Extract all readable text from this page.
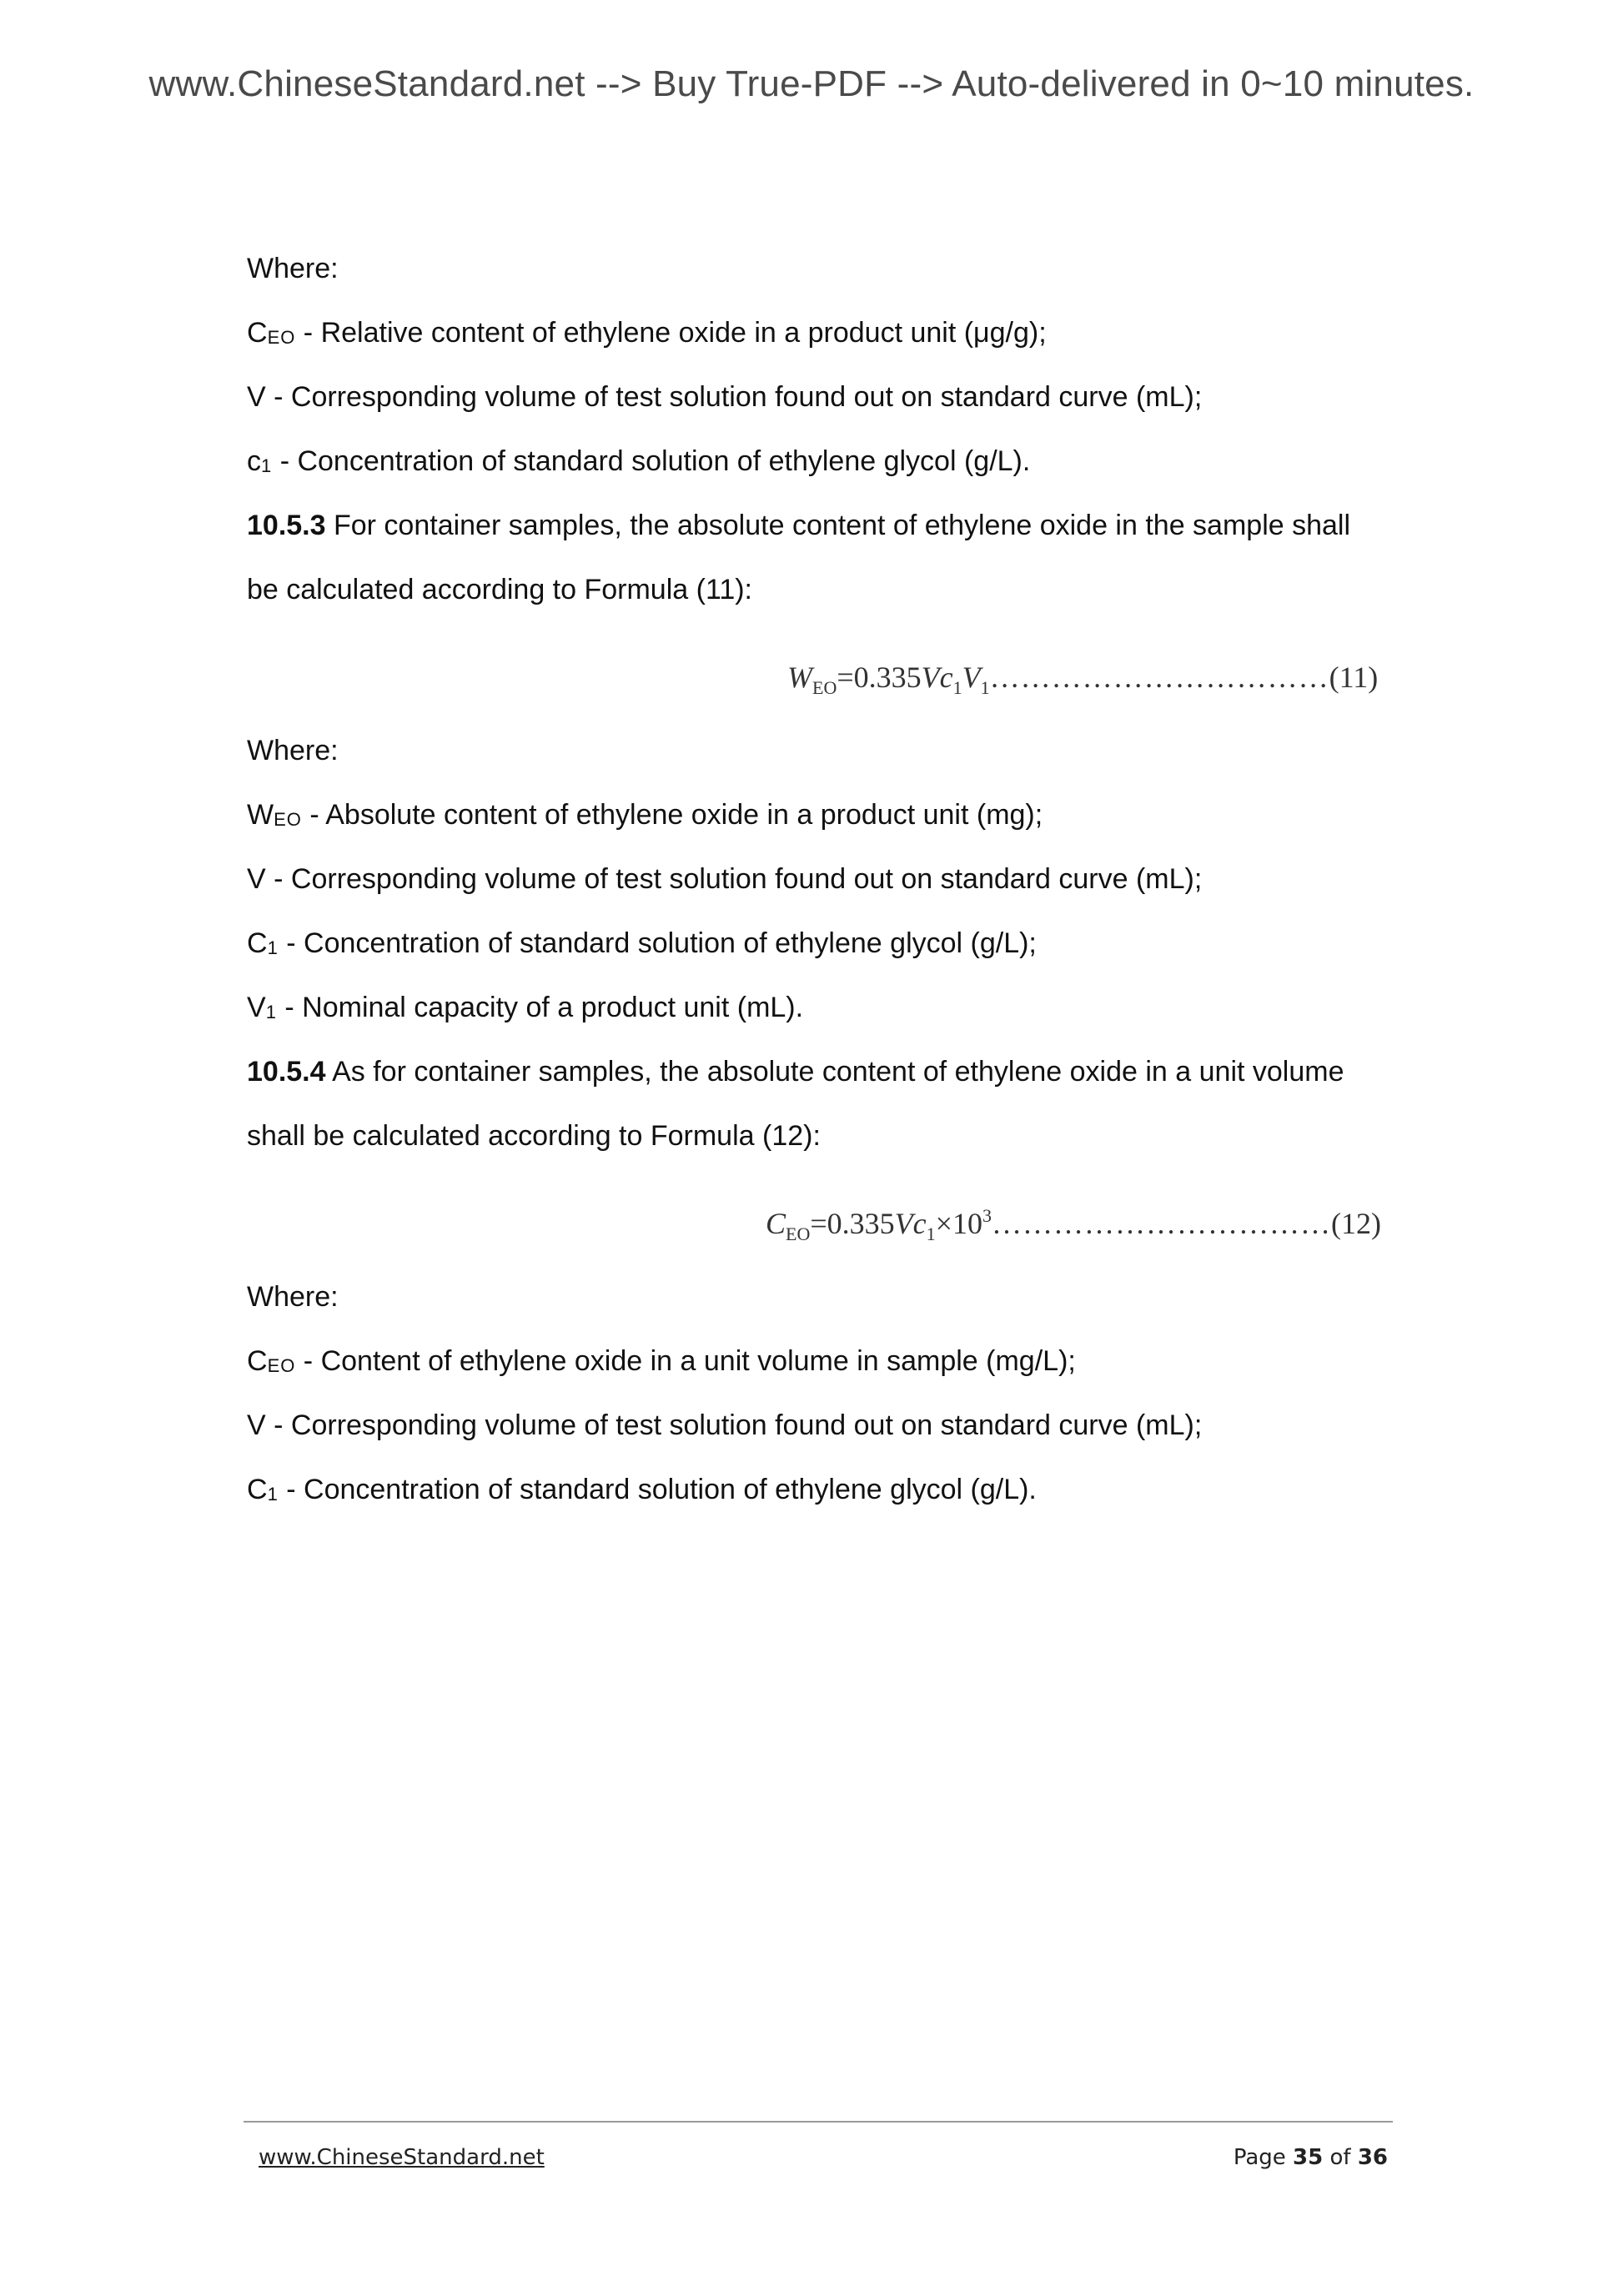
www.ChineseStandard.net --> Buy True-PDF --> Auto-delivered in 0~10 minutes.
Where:
CEO - Relative content of ethylene oxide in a product unit (μg/g);
V - Corresponding volume of test solution found out on standard curve (mL);
c1 - Concentration of standard solution of ethylene glycol (g/L).
10.5.3 For container samples, the absolute content of ethylene oxide in the sample shall
be calculated according to Formula (11):
$W_{EO}=0.335Vc_1V_1\dots\dots\dots\dots\dots\dots\dots\dots\dots\dots\dots(11)$
Where:
WEO - Absolute content of ethylene oxide in a product unit (mg);
V - Corresponding volume of test solution found out on standard curve (mL);
C1 - Concentration of standard solution of ethylene glycol (g/L);
V1 - Nominal capacity of a product unit (mL).
10.5.4 As for container samples, the absolute content of ethylene oxide in a unit volume
shall be calculated according to Formula (12):
$C_{EO}=0.335Vc_1\times 10^3\dots\dots\dots\dots\dots\dots\dots\dots\dots\dots\dots(12)$
Where:
CEO - Content of ethylene oxide in a unit volume in sample (mg/L);
V - Corresponding volume of test solution found out on standard curve (mL);
C1 - Concentration of standard solution of ethylene glycol (g/L).
www.ChineseStandard.net	Page 35 of 36
